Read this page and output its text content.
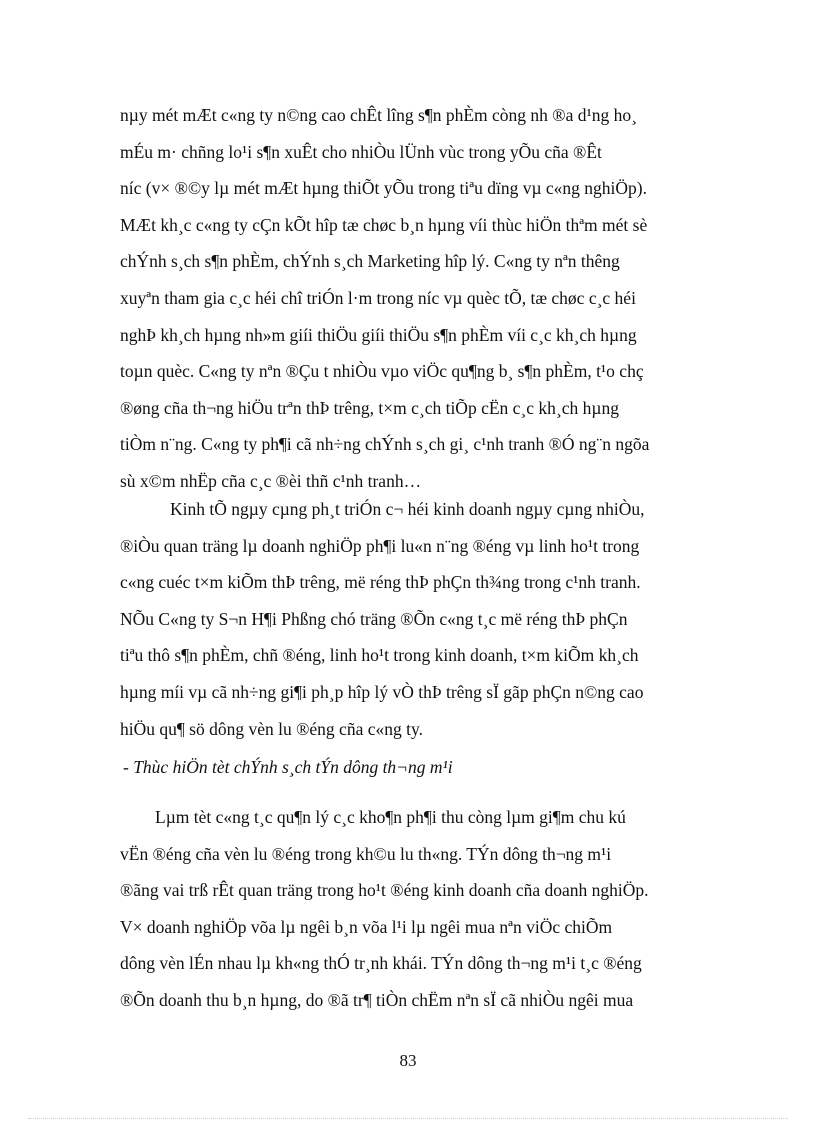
nµy mét mÆt c«ng ty n©ng cao chÊt lîng s¶n phÈm còng nh ®a d¹ng ho¸
mÉu m· chñng lo¹i s¶n xuÊt cho nhiÒu lÜnh vùc trong yÕu cña ®Êt
níc (v× ®©y lµ mét mÆt hµng thiÕt yÕu trong tiªu dïng vµ c«ng nghiÖp).
MÆt kh¸c c«ng ty cÇn kÕt hîp tæ chøc b¸n hµng víi thùc hiÖn thªm mét sè
chÝnh s¸ch s¶n phÈm, chÝnh s¸ch Marketing hîp lý. C«ng ty nªn thêng
xuyªn tham gia c¸c héi chî triÓn l·m trong níc vµ quèc tÕ, tæ chøc c¸c héi
nghÞ kh¸ch hµng nh»m giíi thiÖu giíi thiÖu s¶n phÈm víi c¸c kh¸ch hµng
toµn quèc. C«ng ty nªn ®Çu t nhiÒu vµo viÖc qu¶ng b¸ s¶n phÈm, t¹o chç
®øng cña th¬ng hiÖu trªn thÞ trêng, t×m c¸ch tiÕp cËn c¸c kh¸ch hµng
tiÒm n¨ng. C«ng ty ph¶i cã nh÷ng chÝnh s¸ch gi¸ c¹nh tranh ®Ó ng¨n ngõa
sù x©m nhËp cña c¸c ®èi thñ c¹nh tranh…
Kinh tÕ ngµy cµng ph¸t triÓn c¬ héi kinh doanh ngµy cµng nhiÒu,
®iÒu quan träng lµ doanh nghiÖp ph¶i lu«n n¨ng ®éng vµ linh ho¹t trong
c«ng cuéc t×m kiÕm thÞ trêng, më réng thÞ phÇn th¾ng trong c¹nh tranh.
NÕu C«ng ty S¬n H¶i Phßng chó träng ®Õn c«ng t¸c më réng thÞ phÇn
tiªu thô s¶n phÈm, chñ ®éng, linh ho¹t trong kinh doanh, t×m kiÕm kh¸ch
hµng míi vµ cã nh÷ng gi¶i ph¸p hîp lý vÒ thÞ trêng sÏ gãp phÇn n©ng cao
hiÖu qu¶ sö dông vèn lu ®éng cña c«ng ty.
- Thùc hiÖn tèt chÝnh s¸ch tÝn dông th¬ng m¹i
Lµm tèt c«ng t¸c qu¶n lý c¸c kho¶n ph¶i thu còng lµm gi¶m chu kú
vËn ®éng cña vèn lu ®éng trong kh©u lu th«ng. TÝn dông th¬ng m¹i
®ãng vai trß rÊt quan träng trong ho¹t ®éng kinh doanh cña doanh nghiÖp.
V× doanh nghiÖp võa lµ ngêi b¸n võa l¹i lµ ngêi mua nªn viÖc chiÕm
dông vèn lÉn nhau lµ kh«ng thÓ tr¸nh khái. TÝn dông th¬ng m¹i t¸c ®éng
®Õn doanh thu b¸n hµng, do ®ã tr¶ tiÒn chËm nªn sÏ cã nhiÒu ngêi mua
83
